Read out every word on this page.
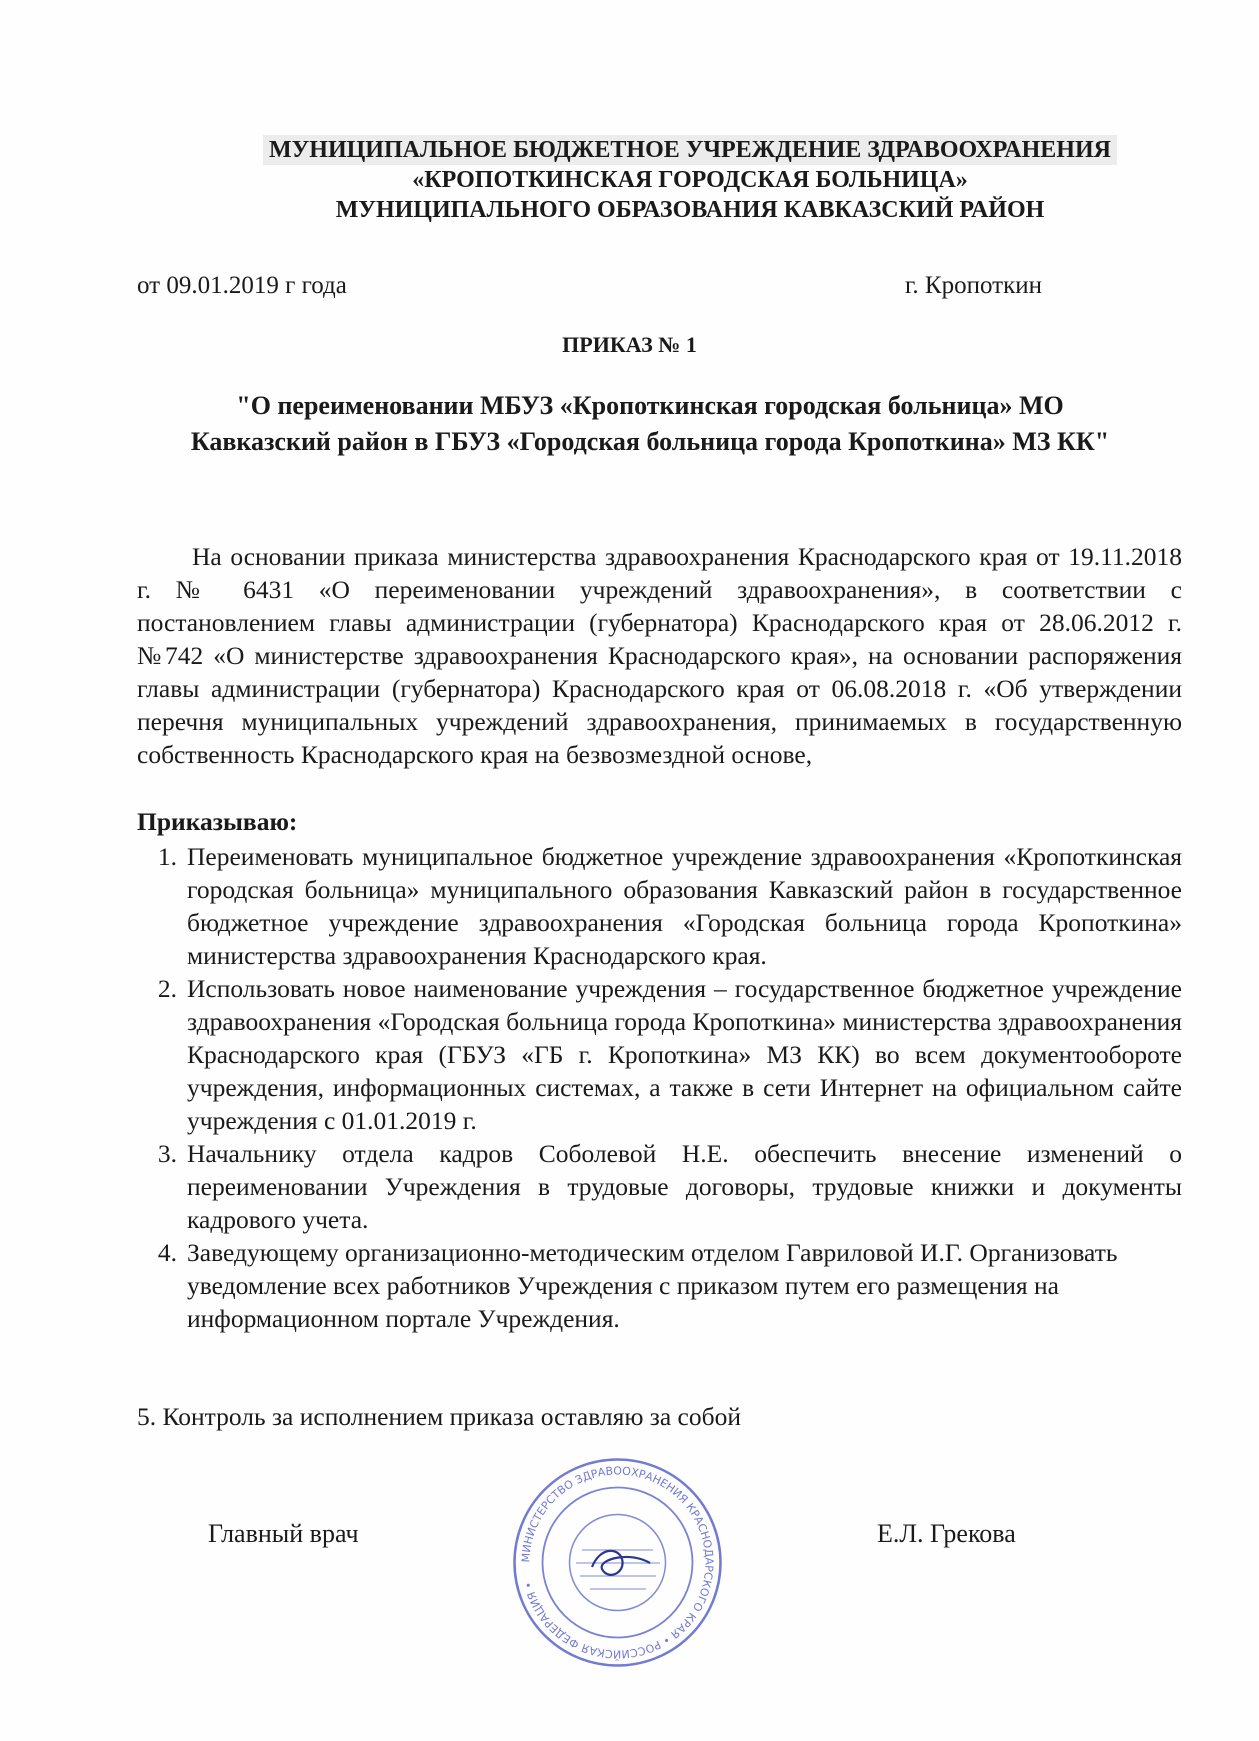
МУНИЦИПАЛЬНОЕ БЮДЖЕТНОЕ УЧРЕЖДЕНИЕ ЗДРАВООХРАНЕНИЯ
«КРОПОТКИНСКАЯ ГОРОДСКАЯ БОЛЬНИЦА»
МУНИЦИПАЛЬНОГО ОБРАЗОВАНИЯ КАВКАЗСКИЙ РАЙОН
от 09.01.2019 г года	г. Кропоткин
ПРИКАЗ № 1
"О переименовании МБУЗ «Кропоткинская городская больница» МО
Кавказский район в ГБУЗ «Городская больница города Кропоткина» МЗ КК"

На основании приказа министерства здравоохранения Краснодарского края от 19.11.2018 г. № 6431 «О переименовании учреждений здравоохранения», в соответствии с постановлением главы администрации (губернатора) Краснодарского края от 28.06.2012 г. №742 «О министерстве здравоохранения Краснодарского края», на основании распоряжения главы администрации (губернатора) Краснодарского края от 06.08.2018 г. «Об утверждении перечня муниципальных учреждений здравоохранения, принимаемых в государственную собственность Краснодарского края на безвозмездной основе,

Приказываю:
1. Переименовать муниципальное бюджетное учреждение здравоохранения «Кропоткинская городская больница» муниципального образования Кавказский район в государственное бюджетное учреждение здравоохранения «Городская больница города Кропоткина» министерства здравоохранения Краснодарского края.
2. Использовать новое наименование учреждения – государственное бюджетное учреждение здравоохранения «Городская больница города Кропоткина» министерства здравоохранения Краснодарского края (ГБУЗ «ГБ г. Кропоткина» МЗ КК) во всем документообороте учреждения, информационных системах, а также в сети Интернет на официальном сайте учреждения с 01.01.2019 г.
3. Начальнику отдела кадров Соболевой Н.Е. обеспечить внесение изменений о переименовании Учреждения в трудовые договоры, трудовые книжки и документы кадрового учета.
4. Заведующему организационно-методическим отделом Гавриловой И.Г. Организовать уведомление всех работников Учреждения с приказом путем его размещения на информационном портале Учреждения.
5. Контроль за исполнением приказа оставляю за собой
Главный врач
МИНИСТЕРСТВО ЗДРАВООХРАНЕНИЯ КРАСНОДАРСКОГО КРАЯ • РОССИЙСКАЯ ФЕДЕРАЦИЯ •
Е.Л. Грекова
